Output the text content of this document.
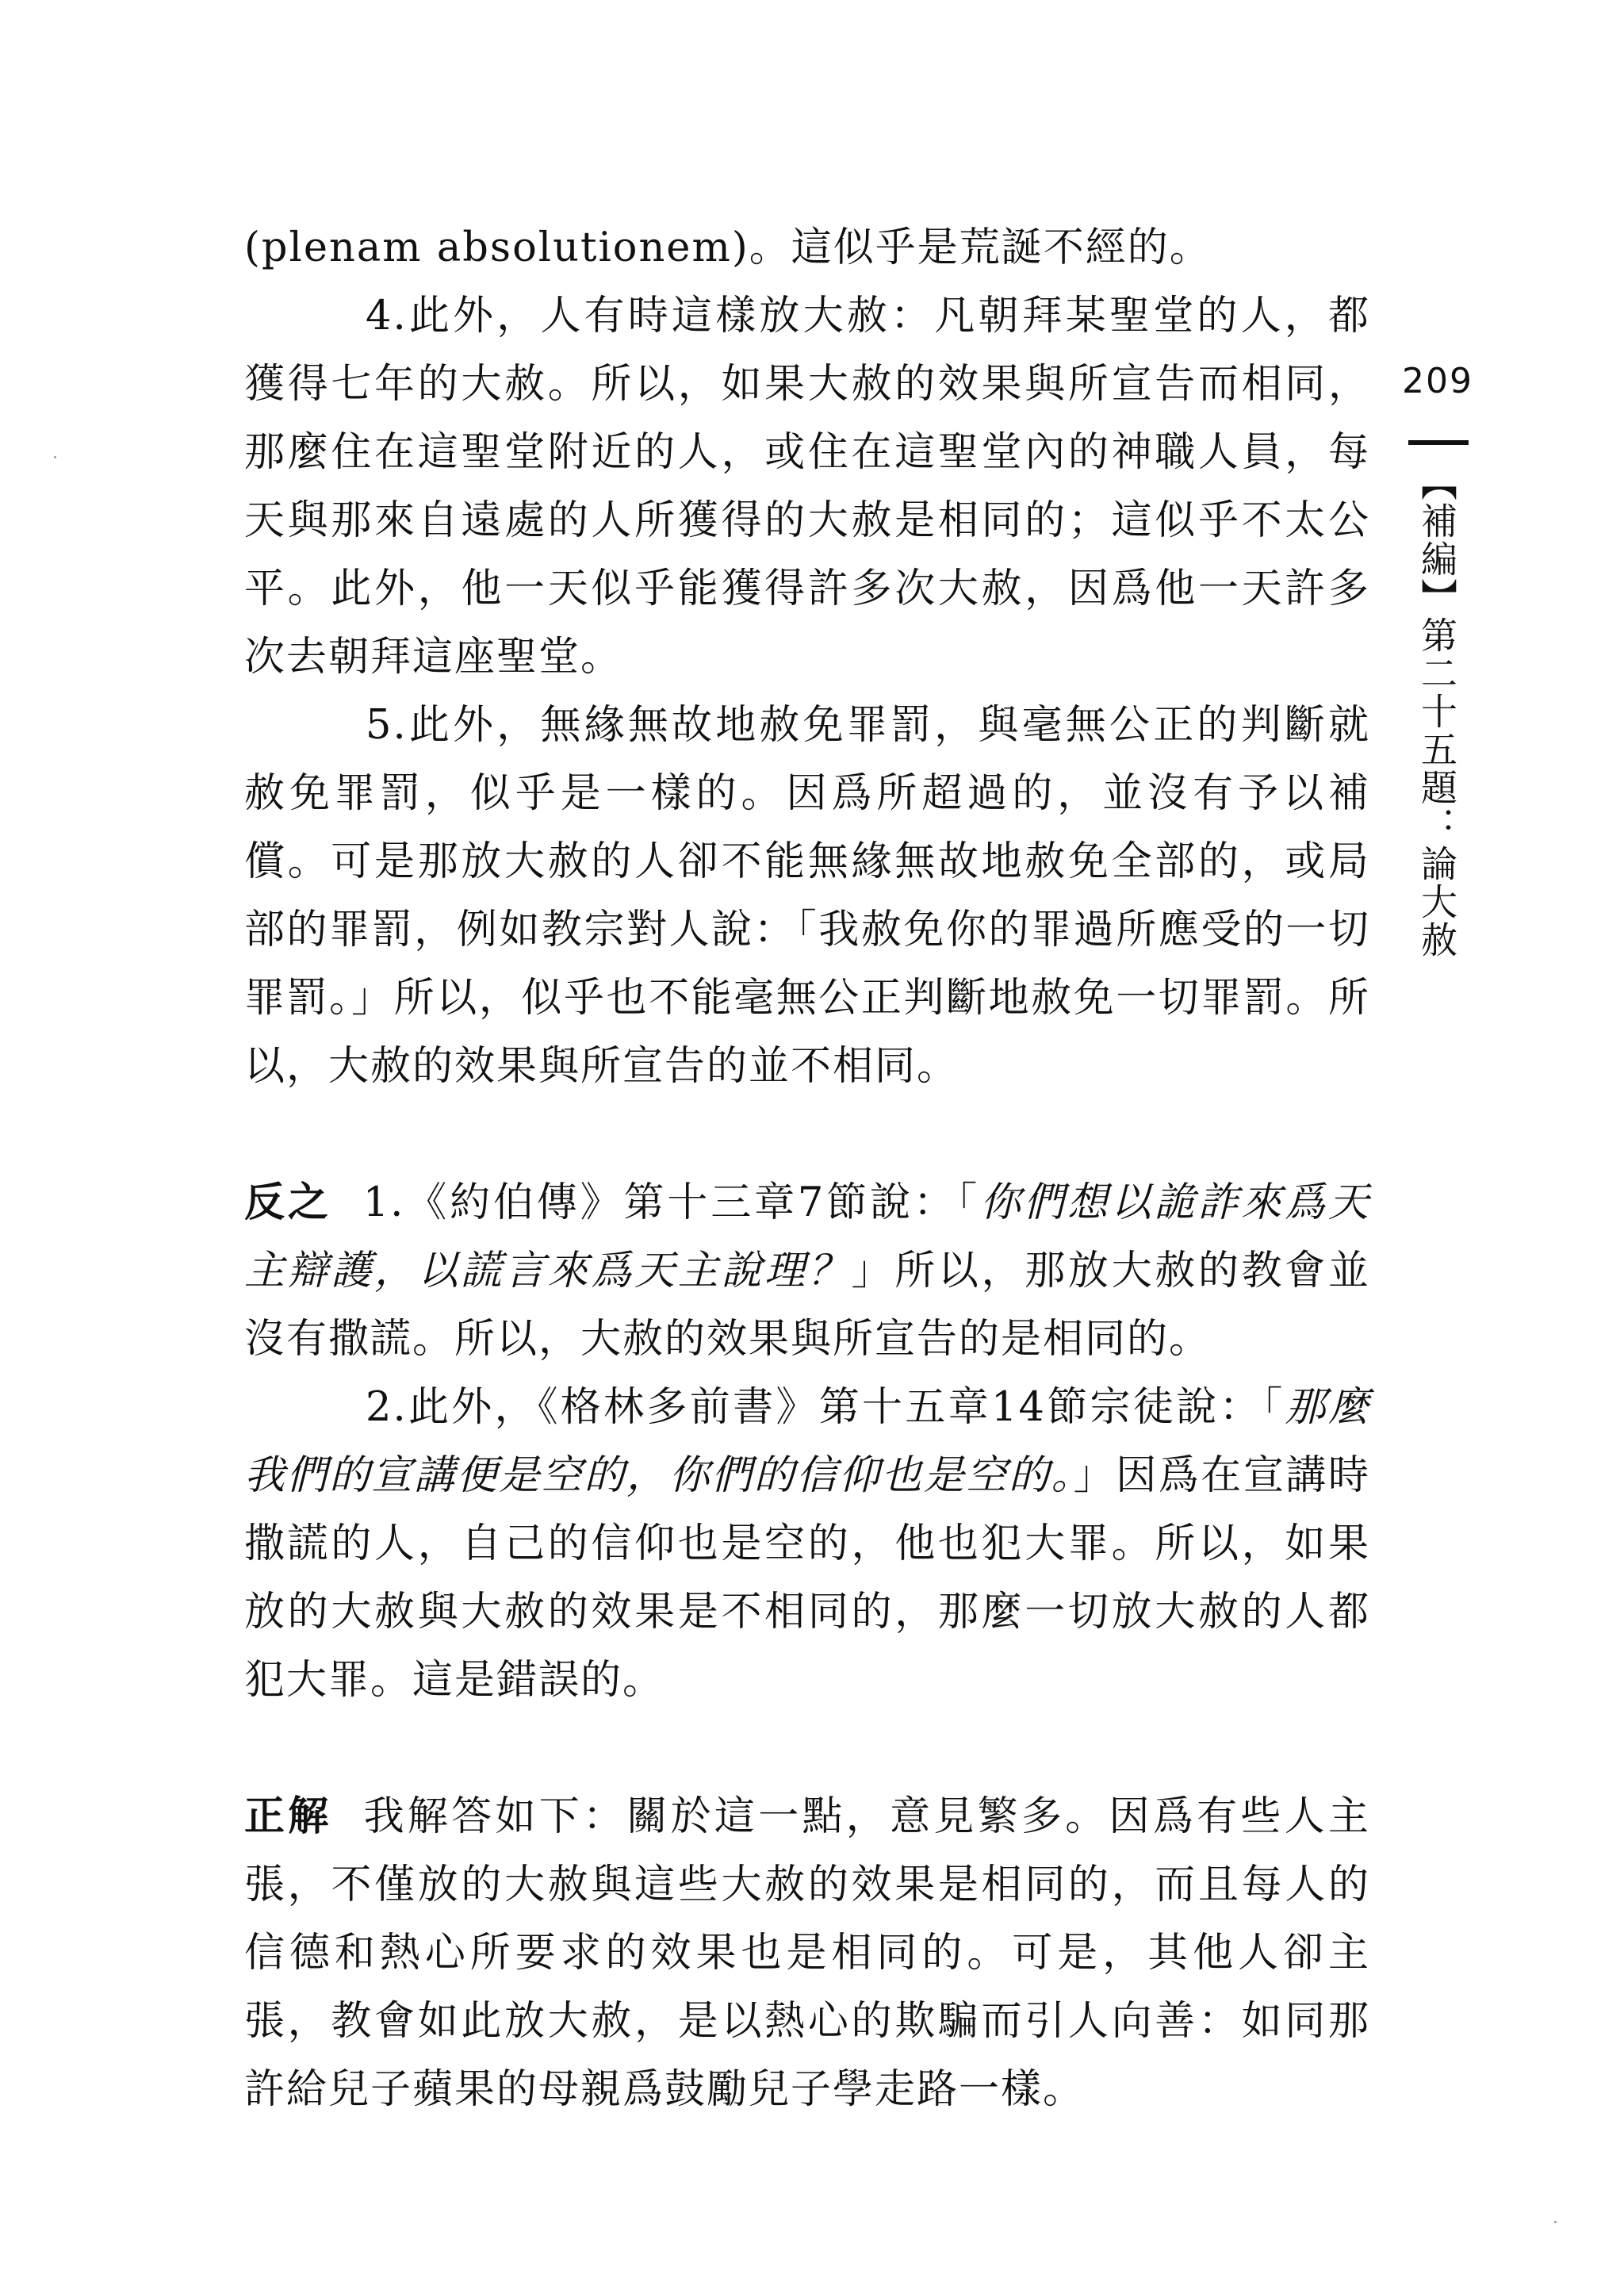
209
【補編】第二十五題：論大赦

(plenam absolutionem)。這似乎是荒誕不經的。

4.此外，人有時這樣放大赦：凡朝拜某聖堂的人，都獲得七年的大赦。所以，如果大赦的效果與所宣告而相同，那麼住在這聖堂附近的人，或住在這聖堂內的神職人員，每天與那來自遠處的人所獲得的大赦是相同的；這似乎不太公平。此外，他一天似乎能獲得許多次大赦，因爲他一天許多次去朝拜這座聖堂。

5.此外，無緣無故地赦免罪罰，與毫無公正的判斷就赦免罪罰，似乎是一樣的。因爲所超過的，並沒有予以補償。可是那放大赦的人卻不能無緣無故地赦免全部的，或局部的罪罰，例如教宗對人說：「我赦免你的罪過所應受的一切罪罰。」所以，似乎也不能毫無公正判斷地赦免一切罪罰。所以，大赦的效果與所宣告的並不相同。

反之 1.《約伯傳》第十三章7節說：「你們想以詭詐來爲天主辯護，以謊言來爲天主說理？」所以，那放大赦的教會並沒有撒謊。所以，大赦的效果與所宣告的是相同的。

2.此外，《格林多前書》第十五章14節宗徒說：「那麼我們的宣講便是空的，你們的信仰也是空的。」因爲在宣講時撒謊的人，自己的信仰也是空的，他也犯大罪。所以，如果放的大赦與大赦的效果是不相同的，那麼一切放大赦的人都犯大罪。這是錯誤的。

正解 我解答如下：關於這一點，意見繁多。因爲有些人主張，不僅放的大赦與這些大赦的效果是相同的，而且每人的信德和熱心所要求的效果也是相同的。可是，其他人卻主張，教會如此放大赦，是以熱心的欺騙而引人向善：如同那許給兒子蘋果的母親爲鼓勵兒子學走路一樣。
